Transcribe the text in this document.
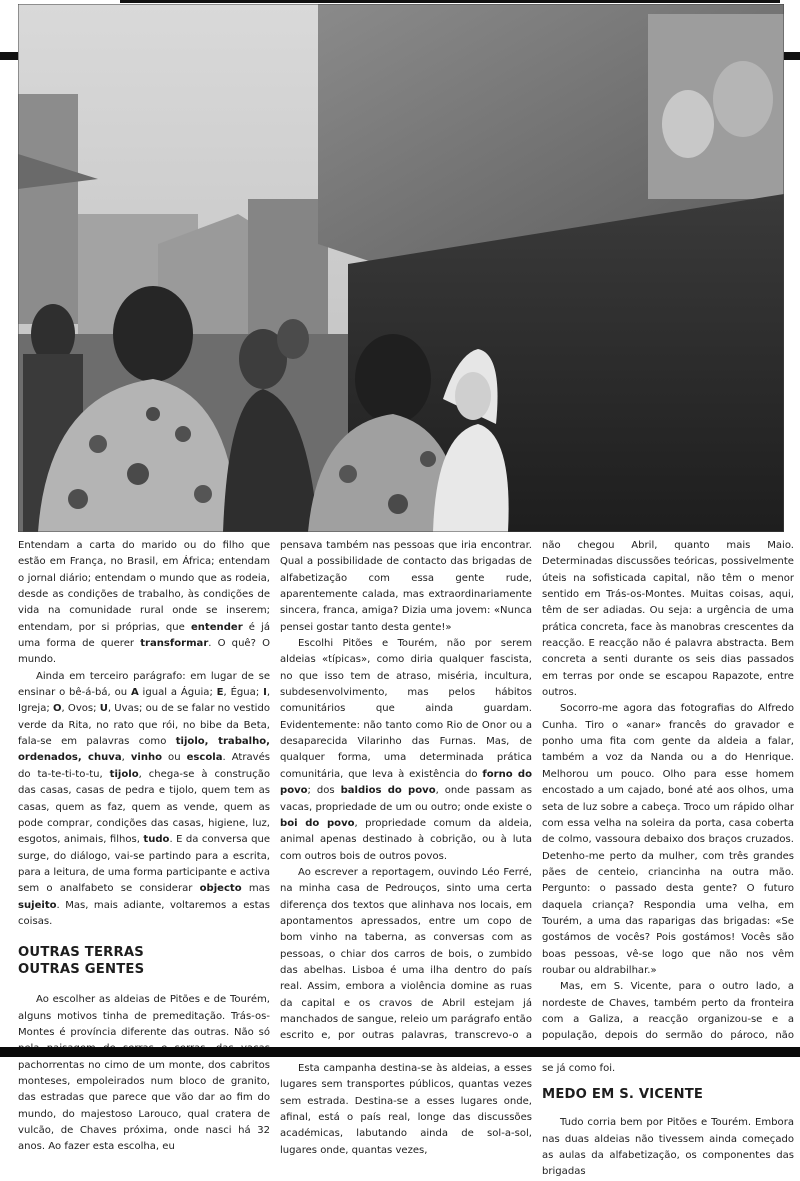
Entendam a carta do marido ou do filho que estão em França, no Brasil, em África; entendam o jornal diário; entendam o mundo que as rodeia, desde as condições de trabalho, às condições de vida na comunidade rural onde se inserem; entendam, por si próprias, que entender é já uma forma de querer transformar. O quê? O mundo.

Ainda em terceiro parágrafo: em lugar de se ensinar o bê-á-bá, ou A igual a Águia; E, Égua; I, Igreja; O, Ovos; U, Uvas; ou de se falar no vestido verde da Rita, no rato que rói, no bibe da Beta, fala-se em palavras como tijolo, trabalho, ordenados, chuva, vinho ou escola. Através do ta-te-ti-to-tu, tijolo, chega-se à construção das casas, casas de pedra e tijolo, quem tem as casas, quem as faz, quem as vende, quem as pode comprar, condições das casas, higiene, luz, esgotos, animais, filhos, tudo. E da conversa que surge, do diálogo, vai-se partindo para a escrita, para a leitura, de uma forma participante e activa sem o analfabeto se considerar objecto mas sujeito. Mas, mais adiante, voltaremos a estas coisas.

OUTRAS TERRAS
OUTRAS GENTES

Ao escolher as aldeias de Pitões e de Tourém, alguns motivos tinha de premeditação. Trás-os-Montes é província diferente das outras. Não só pachorrentas no cimo de um monte, dos cabritos monteses, empoleirados num bloco de granito, das estradas que parece que vão dar ao fim do mundo, do majestoso Larouco, qual cratera de vulcão, de Chaves próxima, onde nasci há 32 anos. Ao fazer esta escolha, eu

pensava também nas pessoas que iria encontrar. Qual a possibilidade de contacto das brigadas de alfabetização com essa gente rude, aparentemente calada, mas extraordinariamente sincera, franca, amiga? Dizia uma jovem: «Nunca pensei gostar tanto desta gente!»

Escolhi Pitões e Tourém, não por serem aldeias «típicas», como diria qualquer fascista, no que isso tem de atraso, miséria, incultura, subdesenvolvimento, mas pelos hábitos comunitários que ainda guardam. Evidentemente: não tanto como Rio de Onor ou a desaparecida Vilarinho das Furnas. Mas, de qualquer forma, uma determinada prática comunitária, que leva à existência do forno do povo; dos baldios do povo, onde passam as vacas, propriedade de um ou outro; onde existe o boi do povo, propriedade comum da aldeia, animal apenas destinado à cobrição, ou à luta com outros bois de outros povos.

Ao escrever a reportagem, ouvindo Léo Ferré, na minha casa de Pedrouços, sinto uma certa diferença dos textos que alinhava nos locais, em apontamentos apressados, entre um copo de bom vinho na taberna, as conversas com as pessoas, o chiar dos carros de bois, o zumbido das abelhas. Lisboa é uma ilha dentro do país real. Assim, embora a violência domine as ruas da capital e os cravos de Abril estejam já manchados de sangue, releio um parágrafo então escrito e, por outras palavras, transcrevo-o a

Esta campanha destina-se às aldeias, a esses lugares sem transportes públicos, quantas vezes sem estrada. Destina-se a esses lugares onde, afinal, está o país real, longe das discussões académicas, labutando ainda de sol-a-sol, lugares onde, quantas vezes,

não chegou Abril, quanto mais Maio. Determinadas discussões teóricas, possivelmente úteis na sofisticada capital, não têm o menor sentido em Trás-os-Montes. Muitas coisas, aqui, têm de ser adiadas. Ou seja: a urgência de uma prática concreta, face às manobras crescentes da reacção. E reacção não é palavra abstracta. Bem concreta a senti durante os seis dias passados em terras por onde se escapou Rapazote, entre outros.

Socorro-me agora das fotografias do Alfredo Cunha. Tiro o «anar» francês do gravador e ponho uma fita com gente da aldeia a falar, também a voz da Nanda ou a do Henrique. Melhorou um pouco. Olho para esse homem encostado a um cajado, boné até aos olhos, uma seta de luz sobre a cabeça. Troco um rápido olhar com essa velha na soleira da porta, casa coberta de colmo, vassoura debaixo dos braços cruzados. Detenho-me perto da mulher, com três grandes pães de centeio, criancinha na outra mão. Pergunto: o passado desta gente? O futuro daquela criança? Respondia uma velha, em Tourém, a uma das raparigas das brigadas: «Se gostámos de vocês? Pois gostámos! Vocês são boas pessoas, vê-se logo que não nos vêm roubar ou aldrabilhar.»

Mas, em S. Vicente, para o outro lado, a nordeste de Chaves, também perto da fronteira com a Galiza, a reacção organizou-se e a população, depois do sermão do pároco, não se já como foi.

MEDO EM S. VICENTE

Tudo corria bem por Pitões e Tourém. Embora nas duas aldeias não tivessem ainda começado as aulas da alfabetização, os componentes das brigadas
